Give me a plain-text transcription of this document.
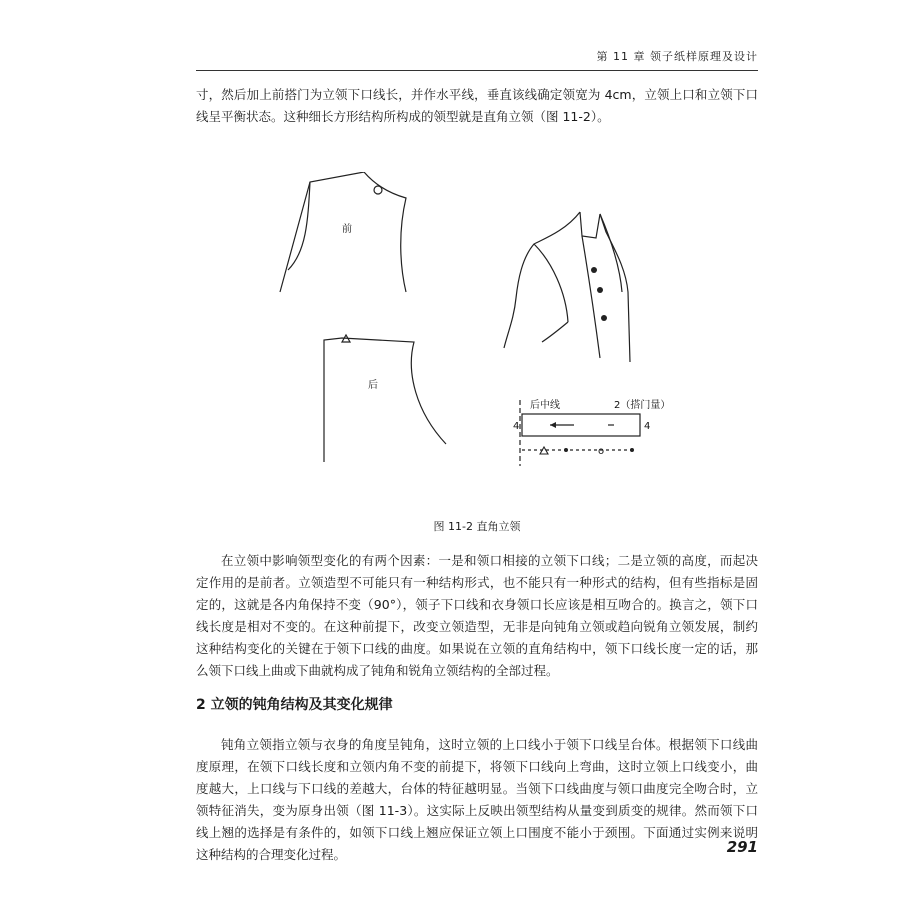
第 11 章 领子纸样原理及设计

寸，然后加上前搭门为立领下口线长，并作水平线，垂直该线确定领宽为 4cm，立领上口和立领下口线呈平衡状态。这种细长方形结构所构成的领型就是直角立领（图 11-2）。

前
后
后中线	2（搭门量）
4	4
o
图 11-2 直角立领

在立领中影响领型变化的有两个因素：一是和领口相接的立领下口线；二是立领的高度，而起决定作用的是前者。立领造型不可能只有一种结构形式，也不能只有一种形式的结构，但有些指标是固定的，这就是各内角保持不变（90°），领子下口线和衣身领口长应该是相互吻合的。换言之，领下口线长度是相对不变的。在这种前提下，改变立领造型，无非是向钝角立领或趋向锐角立领发展，制约这种结构变化的关键在于领下口线的曲度。如果说在立领的直角结构中，领下口线长度一定的话，那么领下口线上曲或下曲就构成了钝角和锐角立领结构的全部过程。

2 立领的钝角结构及其变化规律

钝角立领指立领与衣身的角度呈钝角，这时立领的上口线小于领下口线呈台体。根据领下口线曲度原理，在领下口线长度和立领内角不变的前提下，将领下口线向上弯曲，这时立领上口线变小，曲度越大，上口线与下口线的差越大，台体的特征越明显。当领下口线曲度与领口曲度完全吻合时，立领特征消失，变为原身出领（图 11-3）。这实际上反映出领型结构从量变到质变的规律。然而领下口线上翘的选择是有条件的，如领下口线上翘应保证立领上口围度不能小于颈围。下面通过实例来说明这种结构的合理变化过程。	291
